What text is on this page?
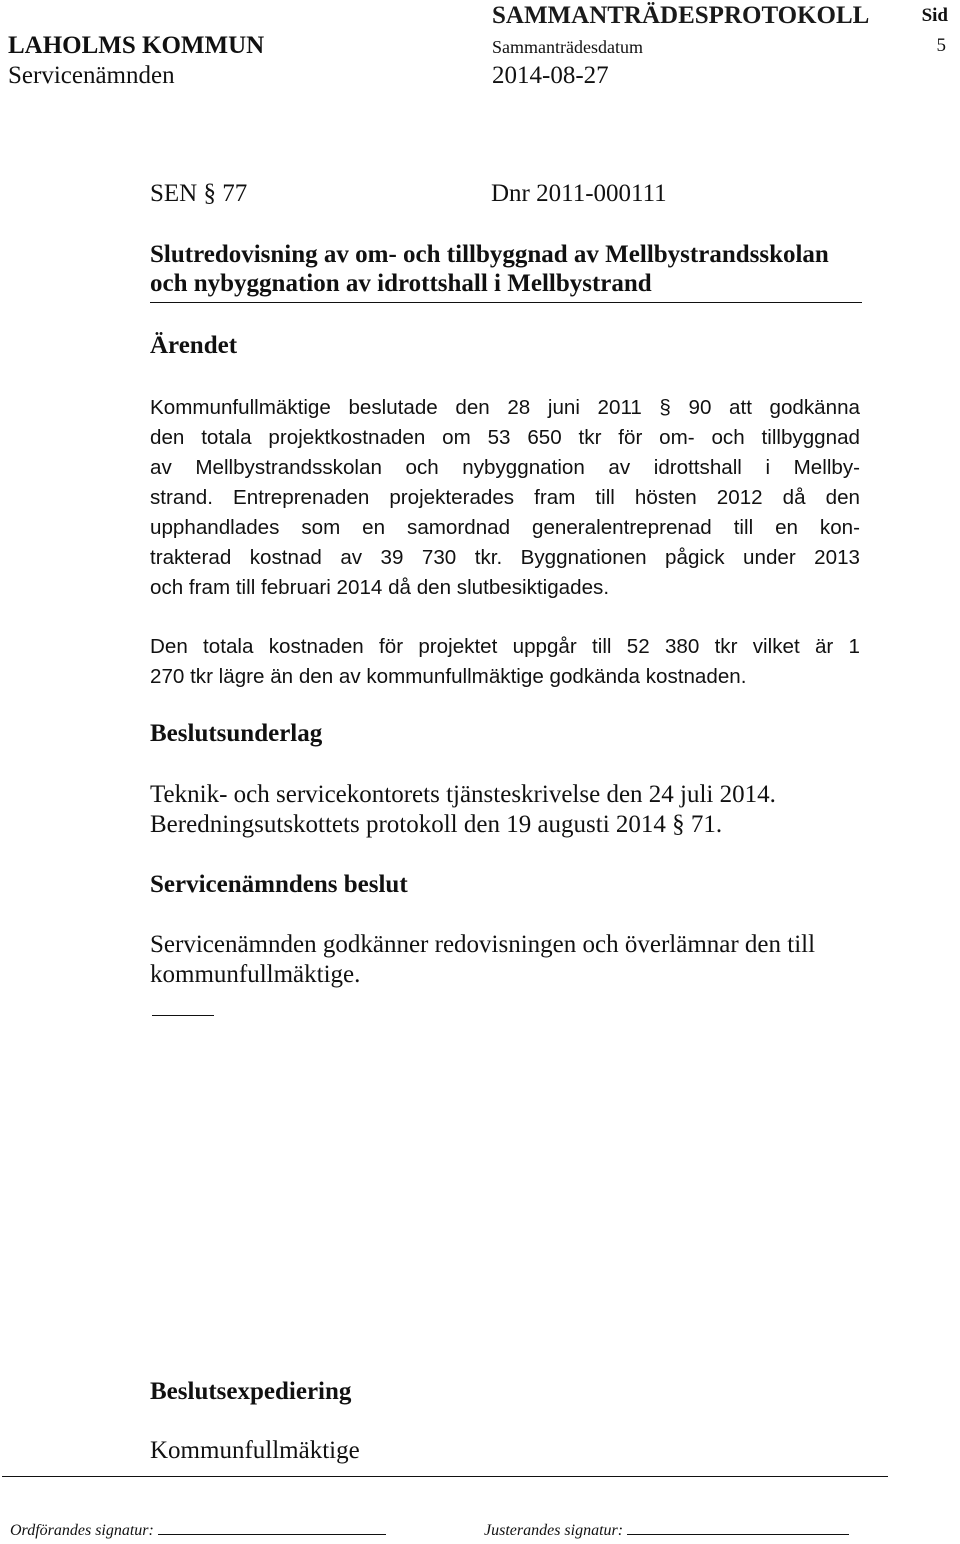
SAMMANTRÄDESPROTOKOLL	Sid
LAHOLMS KOMMUN	Sammanträdesdatum	5
Servicenämnden	2014-08-27
SEN § 77	Dnr 2011-000111
Slutredovisning av om- och tillbyggnad av Mellbystrandsskolan och nybyggnation av idrottshall i Mellbystrand
Ärendet
Kommunfullmäktige beslutade den 28 juni 2011 § 90 att godkänna
den totala projektkostnaden om 53 650 tkr för om- och tillbyggnad
av Mellbystrandsskolan och nybyggnation av idrottshall i Mellby-
strand. Entreprenaden projekterades fram till hösten 2012 då den
upphandlades som en samordnad generalentreprenad till en kon-
trakterad kostnad av 39 730 tkr. Byggnationen pågick under 2013
och fram till februari 2014 då den slutbesiktigades.
Den totala kostnaden för projektet uppgår till 52 380 tkr vilket är 1
270 tkr lägre än den av kommunfullmäktige godkända kostnaden.
Beslutsunderlag
Teknik- och servicekontorets tjänsteskrivelse den 24 juli 2014.
Beredningsutskottets protokoll den 19 augusti 2014 § 71.
Servicenämndens beslut
Servicenämnden godkänner redovisningen och överlämnar den till kommunfullmäktige.
Beslutsexpediering
Kommunfullmäktige
Ordförandes signatur:	Justerandes signatur:
